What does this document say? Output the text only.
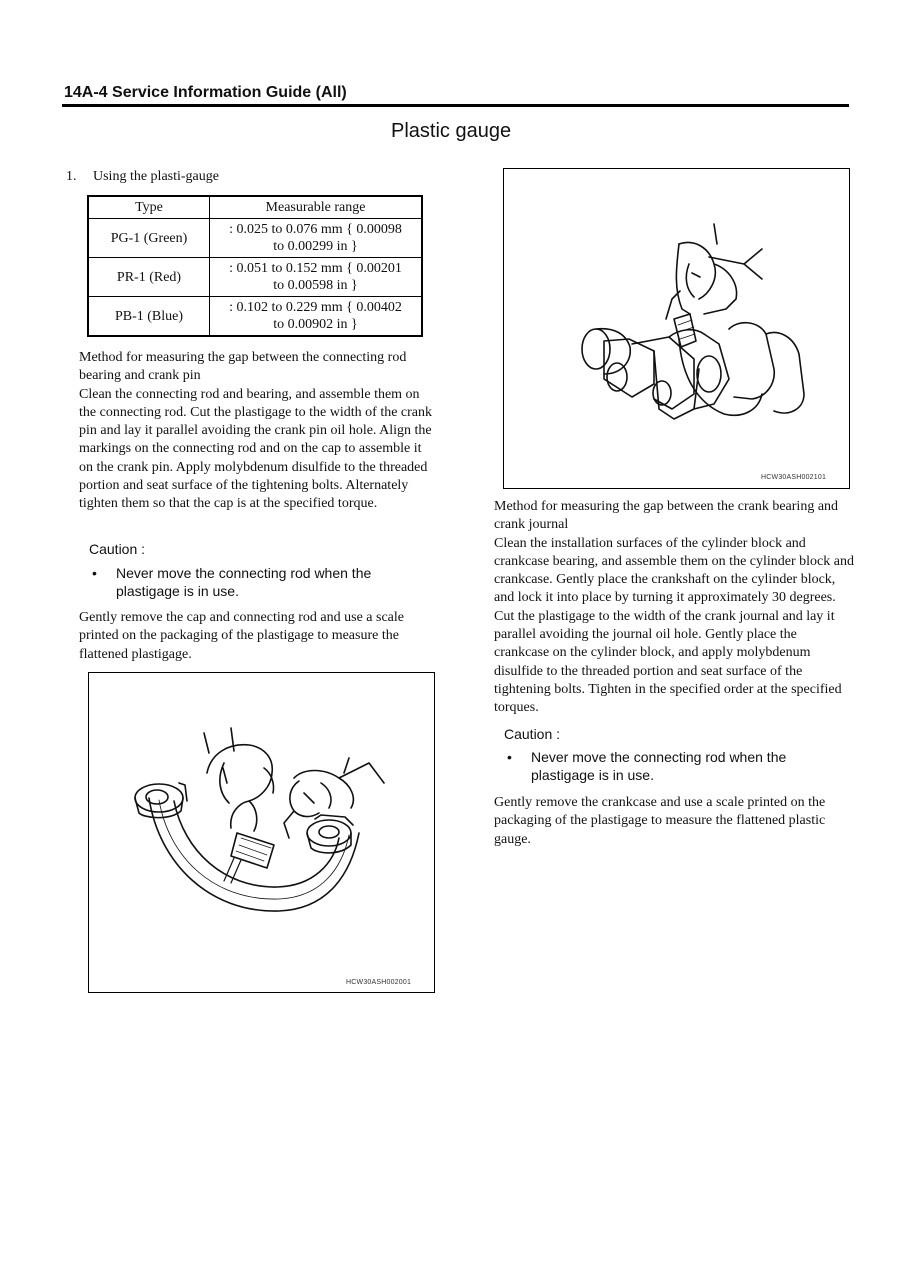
14A-4 Service Information Guide (All)
Plastic gauge
1. Using the plasti-gauge
Type	Measurable range
PG-1 (Green)	: 0.025 to 0.076 mm { 0.00098
to 0.00299 in }

PR-1 (Red)	: 0.051 to 0.152 mm { 0.00201
to 0.00598 in }

PB-1 (Blue)	: 0.102 to 0.229 mm { 0.00402
to 0.00902 in }

Method for measuring the gap between the connecting rod bearing and crank pin
Clean the connecting rod and bearing, and assemble them on the connecting rod. Cut the plastigage to the width of the crank pin and lay it parallel avoiding the crank pin oil hole. Align the markings on the connecting rod and on the cap to assemble it on the crank pin. Apply molybdenum disulfide to the threaded portion and seat surface of the tightening bolts. Alternately tighten them so that the cap is at the specified torque.

Caution :
• Never move the connecting rod when the plastigage is in use.

Gently remove the cap and connecting rod and use a scale printed on the packaging of the plastigage to measure the flattened plastigage.

HCW30ASH002001
HCW30ASH002101

Method for measuring the gap between the crank bearing and crank journal
Clean the installation surfaces of the cylinder block and crankcase bearing, and assemble them on the cylinder block and crankcase. Gently place the crankshaft on the cylinder block, and lock it into place by turning it approximately 30 degrees. Cut the plastigage to the width of the crank journal and lay it parallel avoiding the journal oil hole. Gently place the crankcase on the cylinder block, and apply molybdenum disulfide to the threaded portion and seat surface of the tightening bolts. Tighten in the specified order at the specified torques.

Caution :
• Never move the connecting rod when the plastigage is in use.

Gently remove the crankcase and use a scale printed on the packaging of the plastigage to measure the flattened plastic gauge.
